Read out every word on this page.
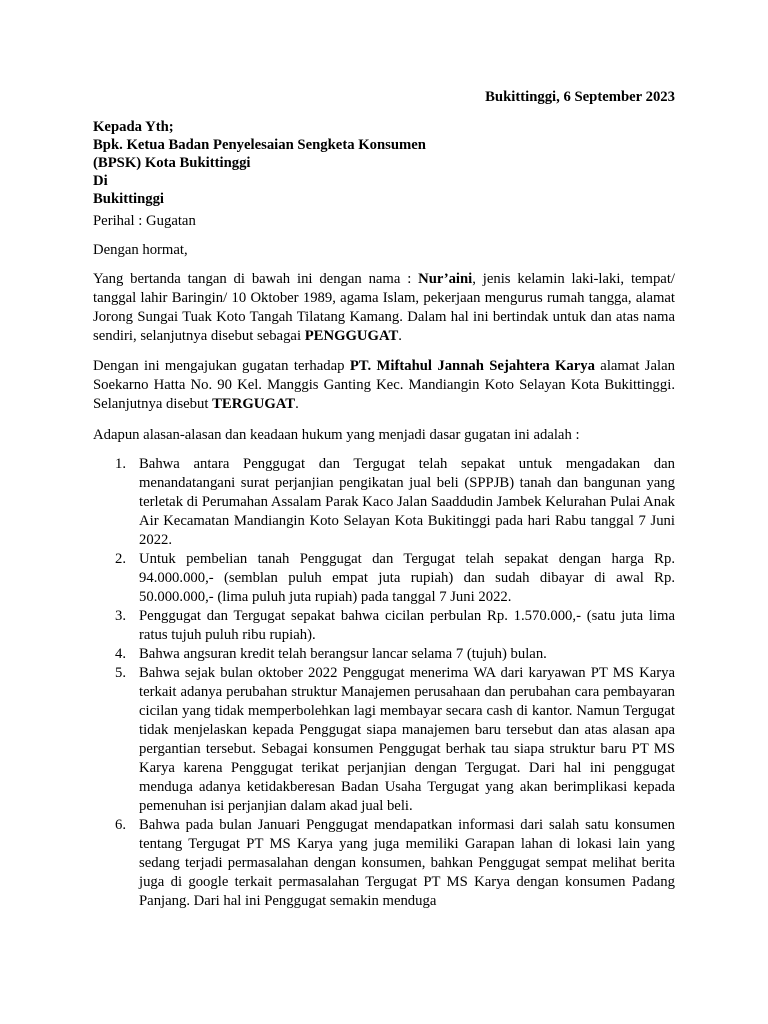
Bukittinggi, 6 September 2023
Kepada Yth;
Bpk. Ketua Badan Penyelesaian Sengketa Konsumen
(BPSK) Kota Bukittinggi
Di
Bukittinggi

Perihal : Gugatan

Dengan hormat,

Yang bertanda tangan di bawah ini dengan nama : Nur’aini, jenis kelamin laki-laki, tempat/ tanggal lahir Baringin/ 10 Oktober 1989, agama Islam, pekerjaan mengurus rumah tangga, alamat Jorong Sungai Tuak Koto Tangah Tilatang Kamang. Dalam hal ini bertindak untuk dan atas nama sendiri, selanjutnya disebut sebagai PENGGUGAT.

Dengan ini mengajukan gugatan terhadap PT. Miftahul Jannah Sejahtera Karya alamat Jalan Soekarno Hatta No. 90 Kel. Manggis Ganting Kec. Mandiangin Koto Selayan Kota Bukittinggi. Selanjutnya disebut TERGUGAT.

Adapun alasan-alasan dan keadaan hukum yang menjadi dasar gugatan ini adalah :

1. Bahwa antara Penggugat dan Tergugat telah sepakat untuk mengadakan dan menandatangani surat perjanjian pengikatan jual beli (SPPJB) tanah dan bangunan yang terletak di Perumahan Assalam Parak Kaco Jalan Saaddudin Jambek Kelurahan Pulai Anak Air Kecamatan Mandiangin Koto Selayan Kota Bukitinggi pada hari Rabu tanggal 7 Juni 2022.
2. Untuk pembelian tanah Penggugat dan Tergugat telah sepakat dengan harga Rp. 94.000.000,- (semblan puluh empat juta rupiah) dan sudah dibayar di awal Rp. 50.000.000,- (lima puluh juta rupiah) pada tanggal 7 Juni 2022.
3. Penggugat dan Tergugat sepakat bahwa cicilan perbulan Rp. 1.570.000,- (satu juta lima ratus tujuh puluh ribu rupiah).
4. Bahwa angsuran kredit telah berangsur lancar selama 7 (tujuh) bulan.
5. Bahwa sejak bulan oktober 2022 Penggugat menerima WA dari karyawan PT MS Karya terkait adanya perubahan struktur Manajemen perusahaan dan perubahan cara pembayaran cicilan yang tidak memperbolehkan lagi membayar secara cash di kantor. Namun Tergugat tidak menjelaskan kepada Penggugat siapa manajemen baru tersebut dan atas alasan apa pergantian tersebut. Sebagai konsumen Penggugat berhak tau siapa struktur baru PT MS Karya karena Penggugat terikat perjanjian dengan Tergugat. Dari hal ini penggugat menduga adanya ketidakberesan Badan Usaha Tergugat yang akan berimplikasi kepada pemenuhan isi perjanjian dalam akad jual beli.
6. Bahwa pada bulan Januari Penggugat mendapatkan informasi dari salah satu konsumen tentang Tergugat PT MS Karya yang juga memiliki Garapan lahan di lokasi lain yang sedang terjadi permasalahan dengan konsumen, bahkan Penggugat sempat melihat berita juga di google terkait permasalahan Tergugat PT MS Karya dengan konsumen Padang Panjang. Dari hal ini Penggugat semakin menduga
